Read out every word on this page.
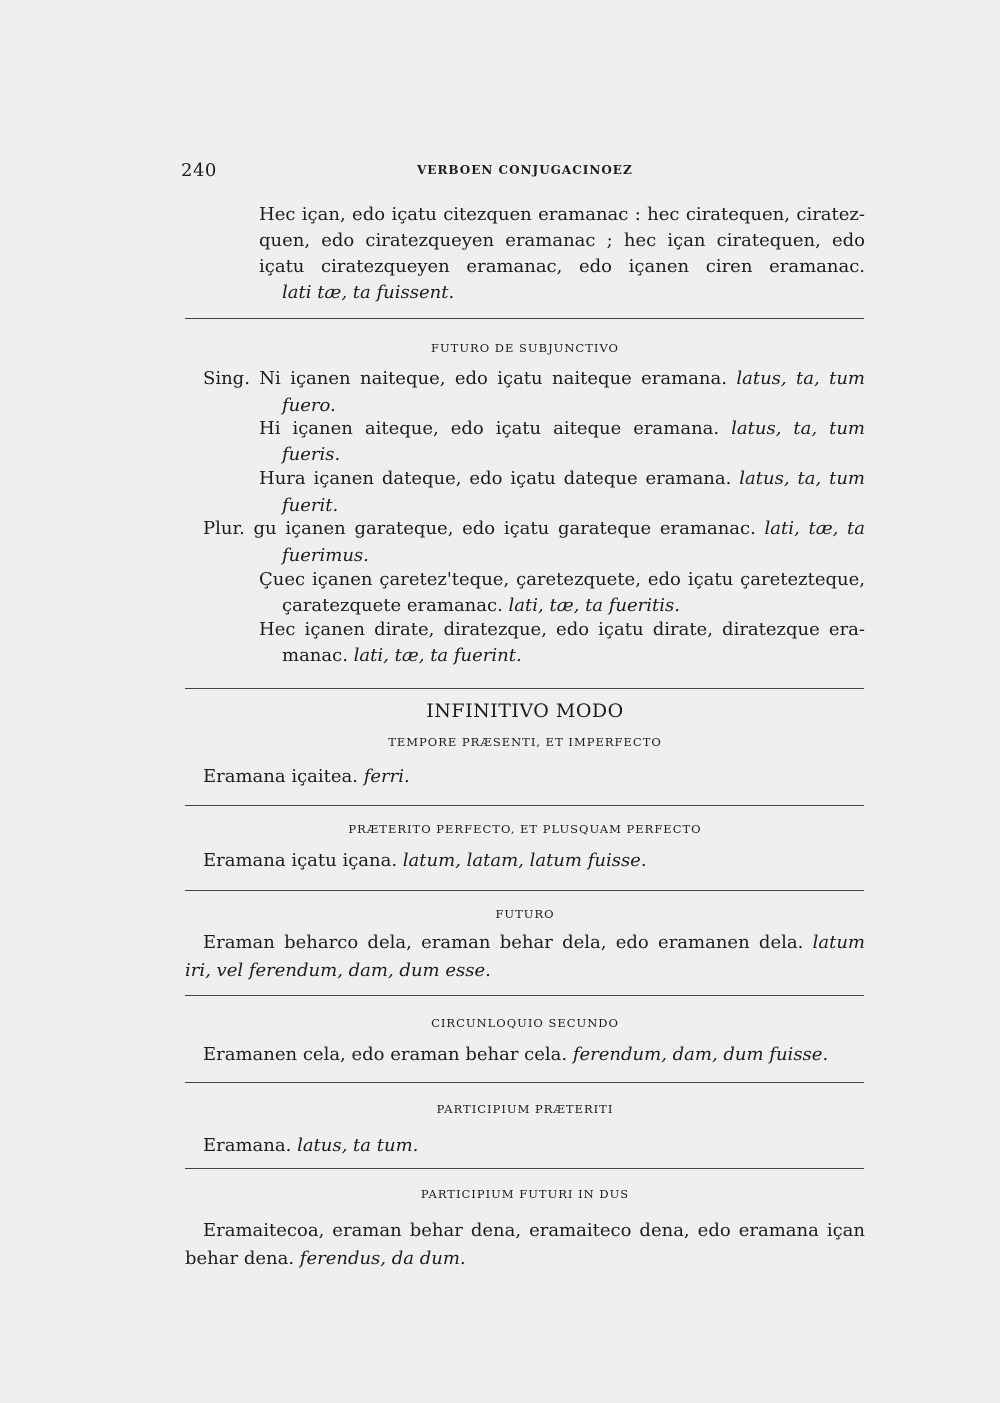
240	VERBOEN CONJUGACINOEZ
Hec içan, edo içatu citezquen eramanac : hec ciratequen, ciratez-
quen, edo ciratezqueyen eramanac ; hec içan ciratequen, edo
içatu ciratezqueyen eramanac, edo içanen ciren eramanac.
lati tæ, ta fuissent.
FUTURO DE SUBJUNCTIVO
Sing. Ni içanen naiteque, edo içatu naiteque eramana. latus, ta, tum
fuero.
Hi içanen aiteque, edo içatu aiteque eramana. latus, ta, tum
fueris.
Hura içanen dateque, edo içatu dateque eramana. latus, ta, tum
fuerit.
Plur. gu içanen garateque, edo içatu garateque eramanac. lati, tæ, ta
fuerimus.
Çuec içanen çaretez'teque, çaretezquete, edo içatu çaretezteque,
çaratezquete eramanac. lati, tæ, ta fueritis.
Hec içanen dirate, diratezque, edo içatu dirate, diratezque era-
manac. lati, tæ, ta fuerint.
INFINITIVO MODO
TEMPORE PRÆSENTI, ET IMPERFECTO
Eramana içaitea. ferri.
PRÆTERITO PERFECTO, ET PLUSQUAM PERFECTO
Eramana içatu içana. latum, latam, latum fuisse.
FUTURO
Eraman beharco dela, eraman behar dela, edo eramanen dela. latum
iri, vel ferendum, dam, dum esse.
CIRCUNLOQUIO SECUNDO
Eramanen cela, edo eraman behar cela. ferendum, dam, dum fuisse.
PARTICIPIUM PRÆTERITI
Eramana. latus, ta tum.
PARTICIPIUM FUTURI IN DUS
Eramaitecoa, eraman behar dena, eramaiteco dena, edo eramana içan
behar dena. ferendus, da dum.
